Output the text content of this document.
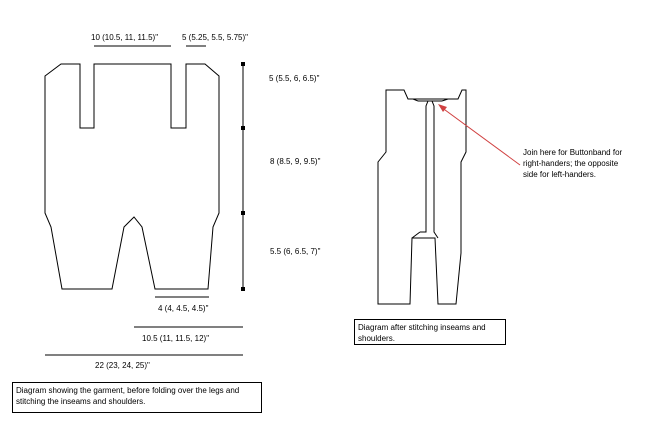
10 (10.5, 11, 11.5)"	5 (5.25, 5.5, 5.75)"
5 (5.5, 6, 6.5)"
8 (8.5, 9, 9.5)"
5.5 (6, 6.5, 7)"
4 (4, 4.5, 4.5)"
10.5 (11, 11.5, 12)"
22 (23, 24, 25)"
Diagram showing the garment, before folding over the legs and stitching the inseams and shoulders.
Diagram after stitching inseams and shoulders.
Join here for Buttonband for
right-handers; the opposite
side for left-handers.
